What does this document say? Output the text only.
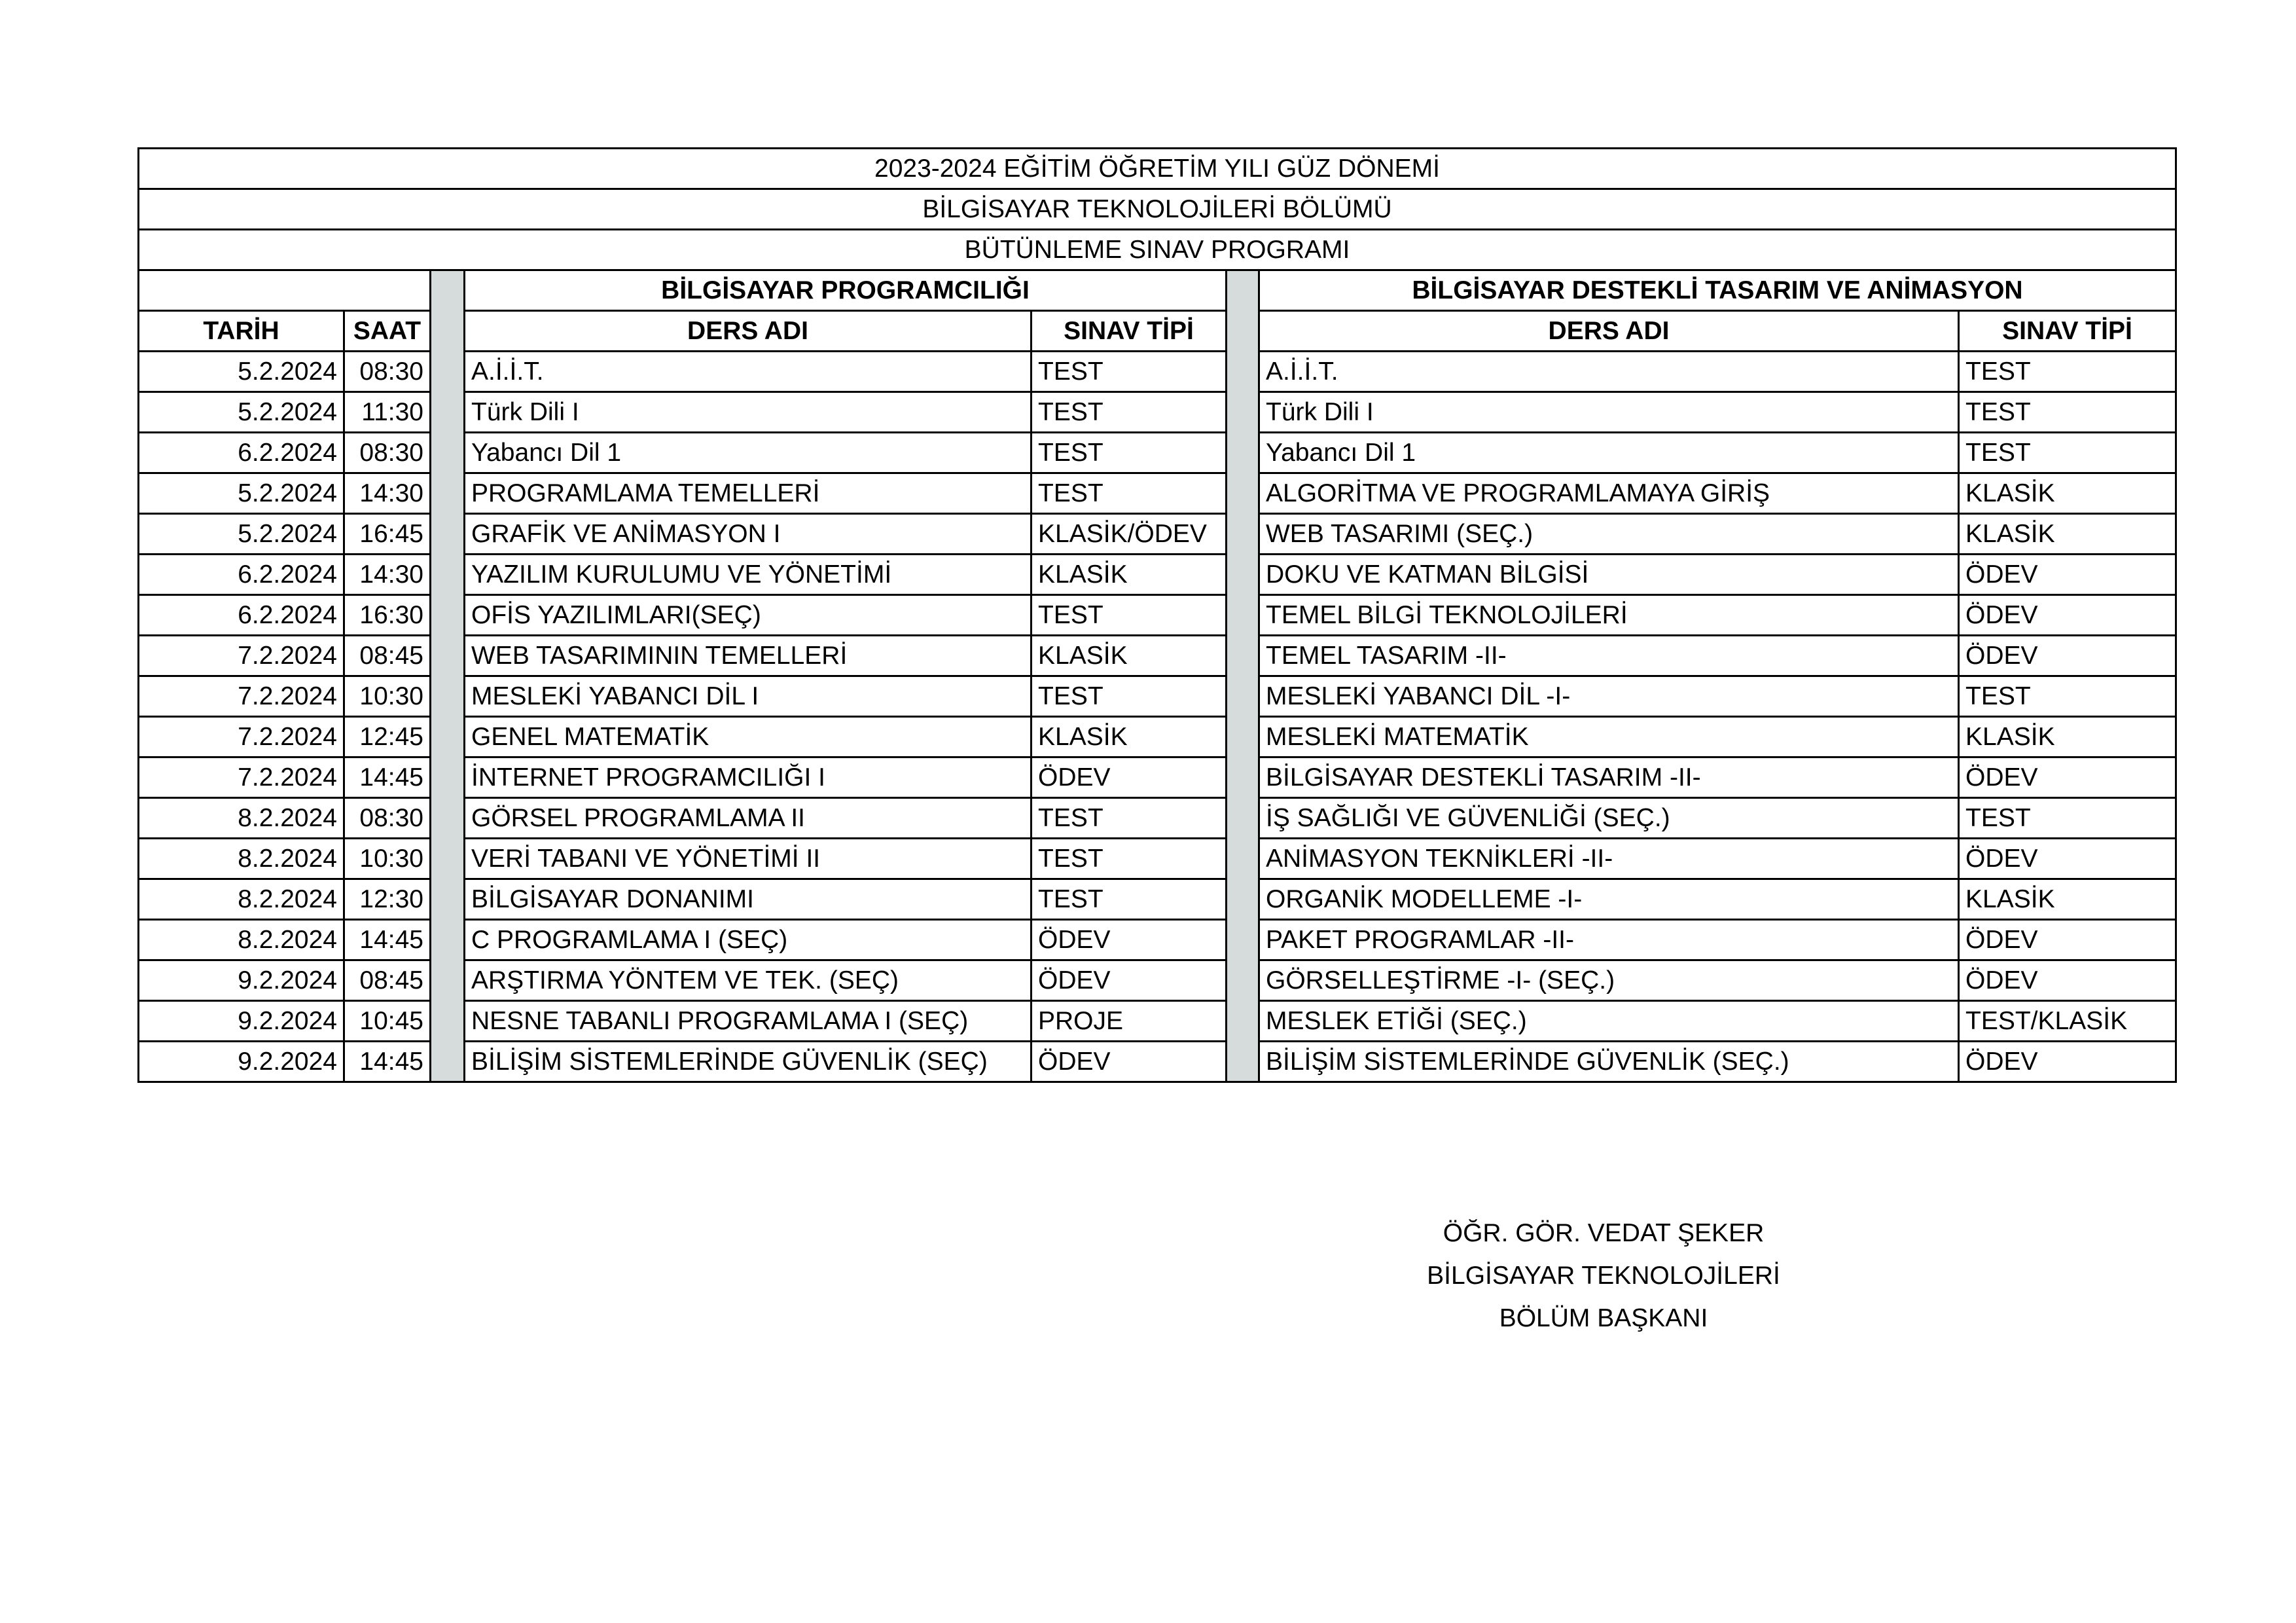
2023-2024 EĞİTİM ÖĞRETİM YILI GÜZ DÖNEMİ							
BİLGİSAYAR TEKNOLOJİLERİ BÖLÜMÜ							
BÜTÜNLEME SINAV PROGRAMI							
			BİLGİSAYAR PROGRAMCILIĞI			BİLGİSAYAR DESTEKLİ TASARIM VE ANİMASYON	
TARİH	SAAT		DERS ADI	SINAV TİPİ		DERS ADI	SINAV TİPİ
5.2.2024	08:30		A.İ.İ.T.	TEST		A.İ.İ.T.	TEST
5.2.2024	11:30		Türk Dili I	TEST		Türk Dili I	TEST
6.2.2024	08:30		Yabancı Dil 1	TEST		Yabancı Dil 1	TEST
5.2.2024	14:30		PROGRAMLAMA TEMELLERİ	TEST		ALGORİTMA VE PROGRAMLAMAYA GİRİŞ	KLASİK
5.2.2024	16:45		GRAFİK VE ANİMASYON I	KLASİK/ÖDEV		WEB TASARIMI (SEÇ.)	KLASİK
6.2.2024	14:30		YAZILIM KURULUMU VE YÖNETİMİ	KLASİK		DOKU VE KATMAN BİLGİSİ	ÖDEV
6.2.2024	16:30		OFİS YAZILIMLARI(SEÇ)	TEST		TEMEL BİLGİ TEKNOLOJİLERİ	ÖDEV
7.2.2024	08:45		WEB TASARIMININ TEMELLERİ	KLASİK		TEMEL TASARIM -II-	ÖDEV
7.2.2024	10:30		MESLEKİ YABANCI DİL I	TEST		MESLEKİ YABANCI DİL -I-	TEST
7.2.2024	12:45		GENEL MATEMATİK	KLASİK		MESLEKİ MATEMATİK	KLASİK
7.2.2024	14:45		İNTERNET PROGRAMCILIĞI I	ÖDEV		BİLGİSAYAR DESTEKLİ TASARIM -II-	ÖDEV
8.2.2024	08:30		GÖRSEL PROGRAMLAMA II	TEST		İŞ SAĞLIĞI VE GÜVENLİĞİ (SEÇ.)	TEST
8.2.2024	10:30		VERİ TABANI VE YÖNETİMİ II	TEST		ANİMASYON TEKNİKLERİ -II-	ÖDEV
8.2.2024	12:30		BİLGİSAYAR DONANIMI	TEST		ORGANİK MODELLEME -I-	KLASİK
8.2.2024	14:45		C PROGRAMLAMA I (SEÇ)	ÖDEV		PAKET PROGRAMLAR -II-	ÖDEV
9.2.2024	08:45		ARŞTIRMA YÖNTEM VE TEK. (SEÇ)	ÖDEV		GÖRSELLEŞTİRME -I- (SEÇ.)	ÖDEV
9.2.2024	10:45		NESNE TABANLI PROGRAMLAMA I (SEÇ)	PROJE		MESLEK ETİĞİ (SEÇ.)	TEST/KLASİK
9.2.2024	14:45		BİLİŞİM SİSTEMLERİNDE GÜVENLİK (SEÇ)	ÖDEV		BİLİŞİM SİSTEMLERİNDE GÜVENLİK (SEÇ.)	ÖDEV
ÖĞR. GÖR. VEDAT ŞEKER
BİLGİSAYAR TEKNOLOJİLERİ
BÖLÜM BAŞKANI
